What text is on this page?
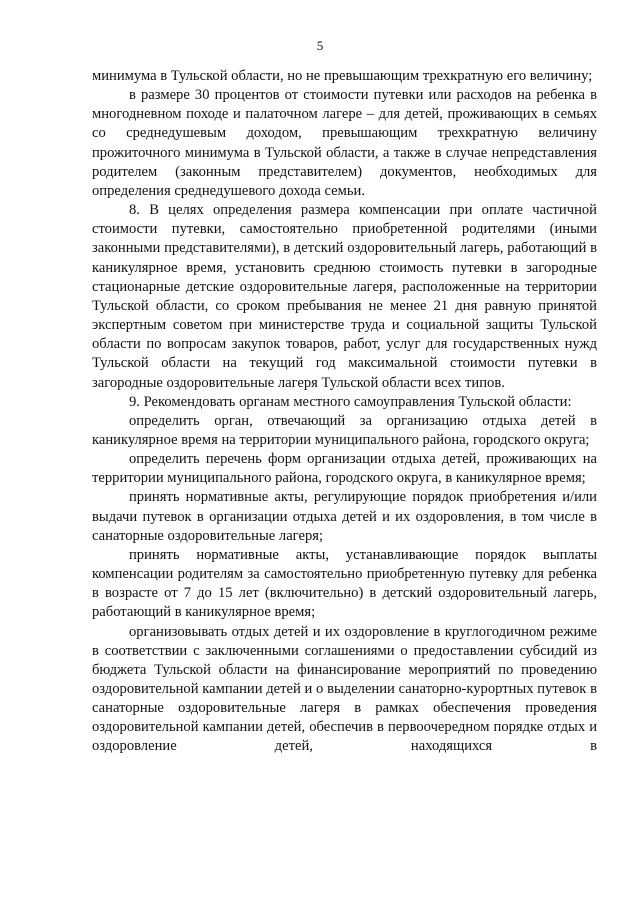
5

минимума в Тульской области, но не превышающим трехкратную его величину;

в размере 30 процентов от стоимости путевки или расходов на ребенка в многодневном походе и палаточном лагере – для детей, проживающих в семьях со среднедушевым доходом, превышающим трехкратную величину прожиточного минимума в Тульской области, а также в случае непредставления родителем (законным представителем) документов, необходимых для определения среднедушевого дохода семьи.

8. В целях определения размера компенсации при оплате частичной стоимости путевки, самостоятельно приобретенной родителями (иными законными представителями), в детский оздоровительный лагерь, работающий в каникулярное время, установить среднюю стоимость путевки в загородные стационарные детские оздоровительные лагеря, расположенные на территории Тульской области, со сроком пребывания не менее 21 дня равную принятой экспертным советом при министерстве труда и социальной защиты Тульской области по вопросам закупок товаров, работ, услуг для государственных нужд Тульской области на текущий год максимальной стоимости путевки в загородные оздоровительные лагеря Тульской области всех типов.

9. Рекомендовать органам местного самоуправления Тульской области:

определить орган, отвечающий за организацию отдыха детей в каникулярное время на территории муниципального района, городского округа;

определить перечень форм организации отдыха детей, проживающих на территории муниципального района, городского округа, в каникулярное время;

принять нормативные акты, регулирующие порядок приобретения и/или выдачи путевок в организации отдыха детей и их оздоровления, в том числе в санаторные оздоровительные лагеря;

принять нормативные акты, устанавливающие порядок выплаты компенсации родителям за самостоятельно приобретенную путевку для ребенка в возрасте от 7 до 15 лет (включительно) в детский оздоровительный лагерь, работающий в каникулярное время;

организовывать отдых детей и их оздоровление в круглогодичном режиме в соответствии с заключенными соглашениями о предоставлении субсидий из бюджета Тульской области на финансирование мероприятий по проведению оздоровительной кампании детей и о выделении санаторно-курортных путевок в санаторные оздоровительные лагеря в рамках обеспечения проведения оздоровительной кампании детей, обеспечив в первоочередном порядке отдых и оздоровление детей, находящихся в
